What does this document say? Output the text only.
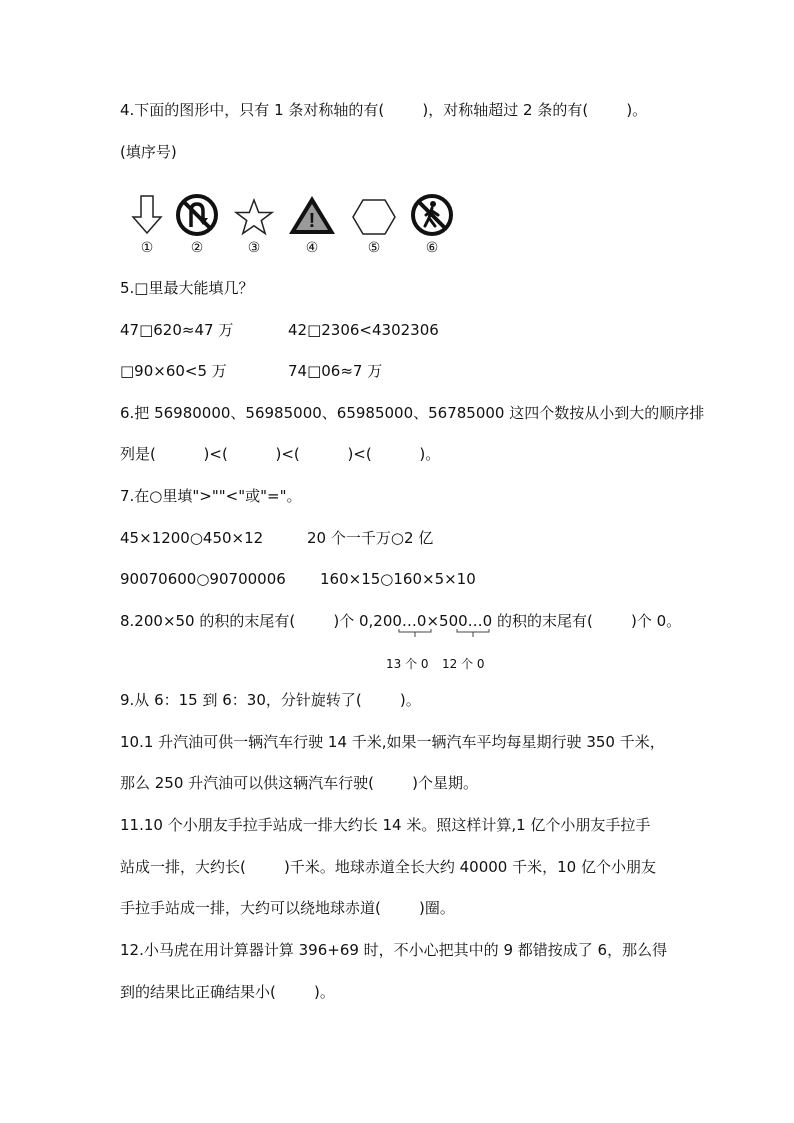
4.下面的图形中，只有 1 条对称轴的有(        )，对称轴超过 2 条的有(        )。
(填序号)
!
①	②	③	④	⑤	⑥
5.□里最大能填几？
47□620≈47 万	42□2306<4302306
□90×60<5 万	74□06≈7 万
6.把 56980000、56985000、65985000、56785000 这四个数按从小到大的顺序排
列是(          )<(          )<(          )<(          )。
7.在○里填">""<"或"="。
45×1200○450×12	20 个一千万○2 亿
90070600○90700006 160×15○160×5×10
8.200×50 的积的末尾有(        )个 0,200…0×500…0 的积的末尾有(        )个 0。
13 个 0 12 个 0
9.从 6：15 到 6：30，分针旋转了(        )。
10.1 升汽油可供一辆汽车行驶 14 千米,如果一辆汽车平均每星期行驶 350 千米，
那么 250 升汽油可以供这辆汽车行驶(        )个星期。
11.10 个小朋友手拉手站成一排大约长 14 米。照这样计算,1 亿个小朋友手拉手
站成一排，大约长(        )千米。地球赤道全长大约 40000 千米，10 亿个小朋友
手拉手站成一排，大约可以绕地球赤道(        )圈。
12.小马虎在用计算器计算 396+69 时，不小心把其中的 9 都错按成了 6，那么得
到的结果比正确结果小(        )。
